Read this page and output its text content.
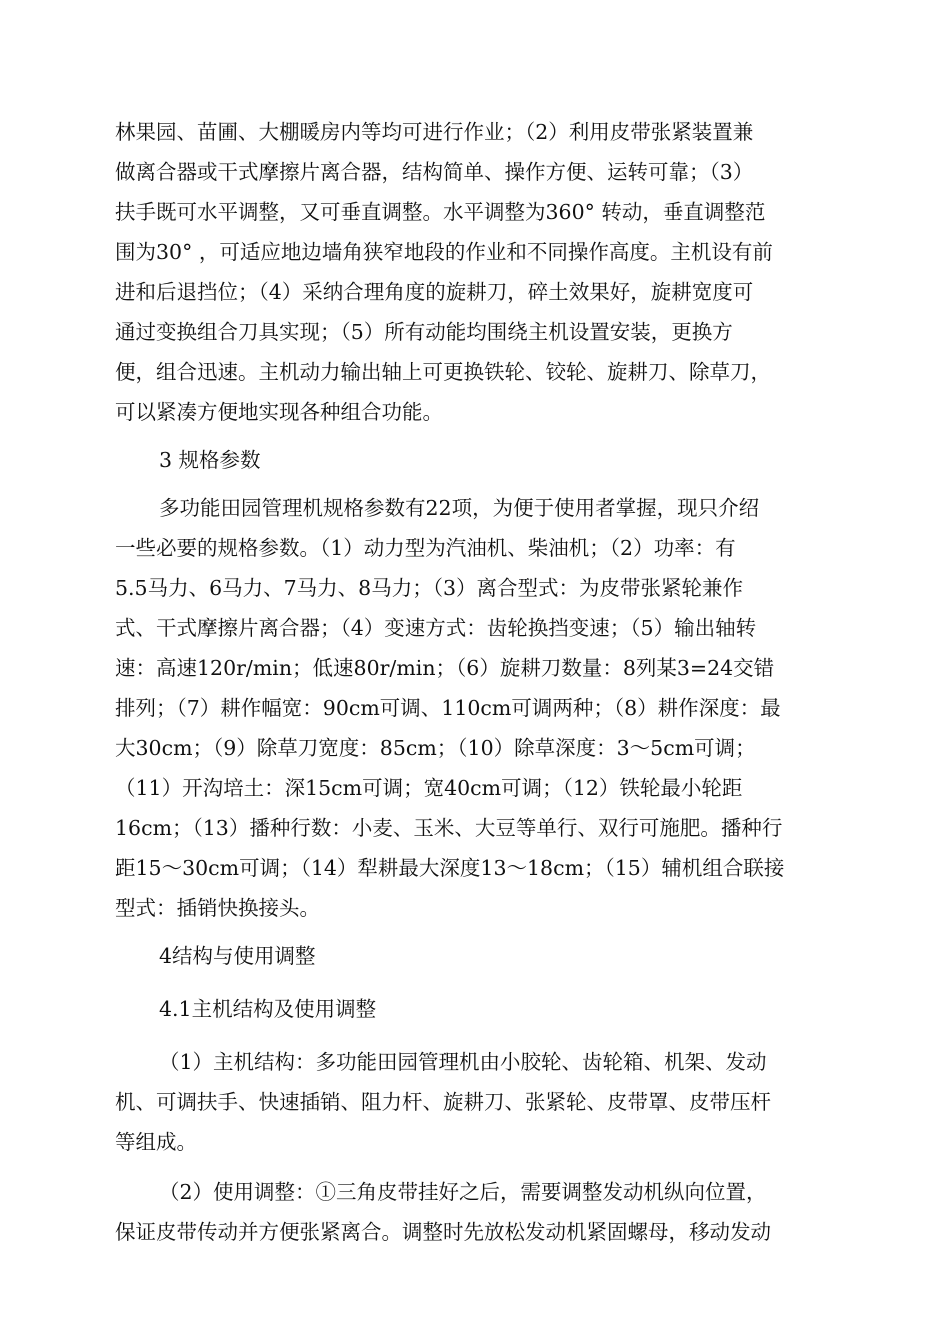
林果园、苗圃、大棚暖房内等均可进行作业；（2）利用皮带张紧装置兼
做离合器或干式摩擦片离合器，结构简单、操作方便、运转可靠；（3）
扶手既可水平调整，又可垂直调整。水平调整为360° 转动，垂直调整范
围为30° ，可适应地边墙角狭窄地段的作业和不同操作高度。主机设有前
进和后退挡位；（4）采纳合理角度的旋耕刀，碎土效果好，旋耕宽度可
通过变换组合刀具实现；（5）所有动能均围绕主机设置安装，更换方
便，组合迅速。主机动力输出轴上可更换铁轮、铰轮、旋耕刀、除草刀，
可以紧凑方便地实现各种组合功能。
3 规格参数
多功能田园管理机规格参数有22项，为便于使用者掌握，现只介绍
一些必要的规格参数。（1）动力型为汽油机、柴油机；（2）功率：有
5.5马力、6马力、7马力、8马力；（3）离合型式：为皮带张紧轮兼作
式、干式摩擦片离合器；（4）变速方式：齿轮换挡变速；（5）输出轴转
速：高速120r/min；低速80r/min；（6）旋耕刀数量：8列某3=24交错
排列；（7）耕作幅宽：90cm可调、110cm可调两种；（8）耕作深度：最
大30cm；（9）除草刀宽度：85cm；（10）除草深度：3～5cm可调；
（11）开沟培土：深15cm可调；宽40cm可调；（12）铁轮最小轮距
16cm；（13）播种行数：小麦、玉米、大豆等单行、双行可施肥。播种行
距15～30cm可调；（14）犁耕最大深度13～18cm；（15）辅机组合联接
型式：插销快换接头。
4结构与使用调整
4.1主机结构及使用调整
（1）主机结构：多功能田园管理机由小胶轮、齿轮箱、机架、发动
机、可调扶手、快速插销、阻力杆、旋耕刀、张紧轮、皮带罩、皮带压杆
等组成。
（2）使用调整：①三角皮带挂好之后，需要调整发动机纵向位置，
保证皮带传动并方便张紧离合。调整时先放松发动机紧固螺母，移动发动
